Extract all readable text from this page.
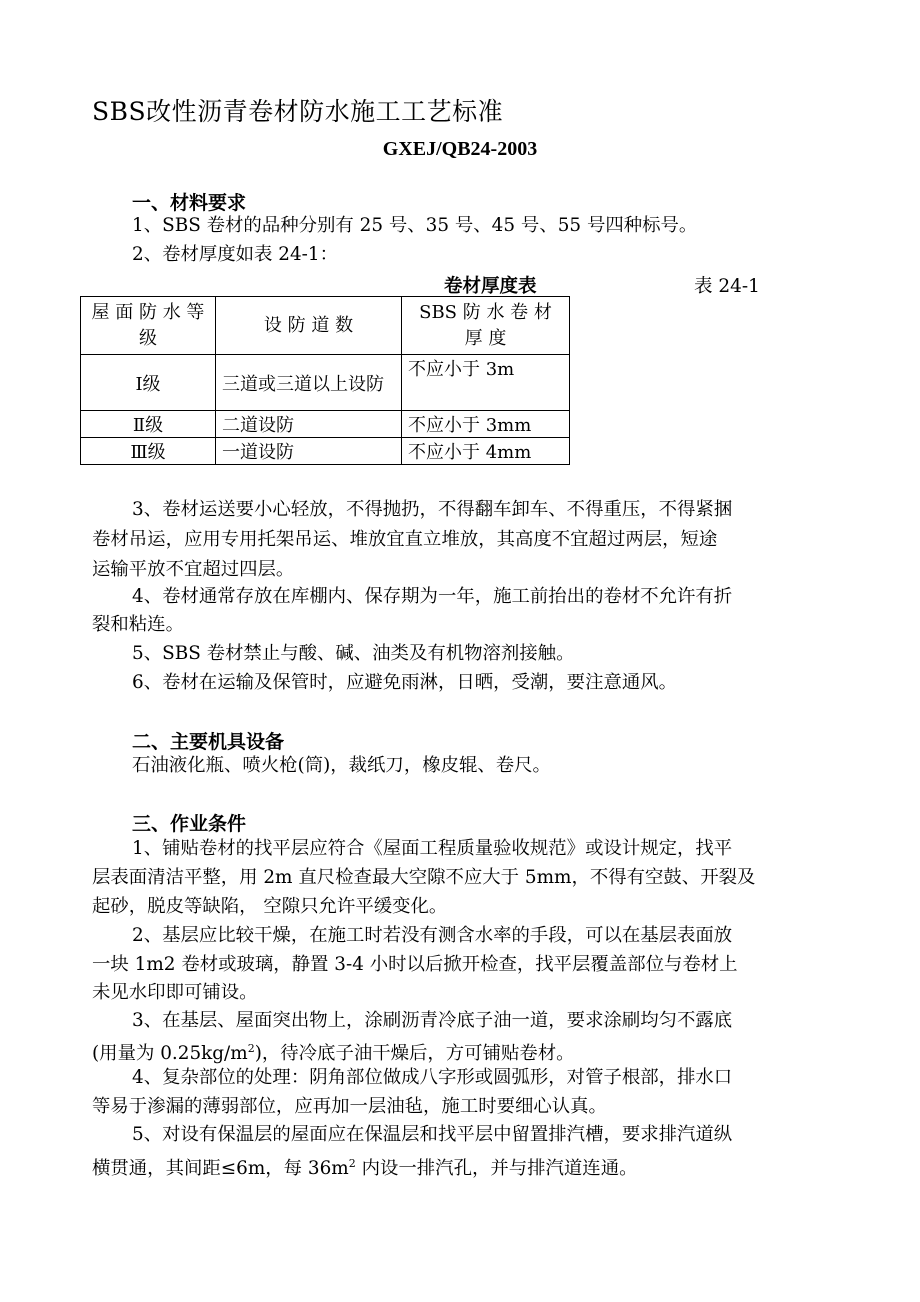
SBS改性沥青卷材防水施工工艺标准
GXEJ/QB24-2003
一、材料要求
1、SBS 卷材的品种分别有 25 号、35 号、45 号、55 号四种标号。
2、卷材厚度如表 24-1：
卷材厚度表	表 24-1
屋 面 防 水 等 级	设 防 道 数	SBS 防 水 卷 材 厚 度
Ⅰ级	三道或三道以上设防	不应小于 3m
Ⅱ级	二道设防	不应小于 3mm
Ⅲ级	一道设防	不应小于 4mm
3、卷材运送要小心轻放，不得抛扔，不得翻车卸车、不得重压，不得紧捆
卷材吊运，应用专用托架吊运、堆放宜直立堆放，其高度不宜超过两层，短途
运输平放不宜超过四层。
4、卷材通常存放在库棚内、保存期为一年，施工前抬出的卷材不允许有折
裂和粘连。
5、SBS 卷材禁止与酸、碱、油类及有机物溶剂接触。
6、卷材在运输及保管时，应避免雨淋，日晒，受潮，要注意通风。
二、主要机具设备
石油液化瓶、喷火枪(筒)，裁纸刀，橡皮辊、卷尺。
三、作业条件
1、铺贴卷材的找平层应符合《屋面工程质量验收规范》或设计规定，找平
层表面清洁平整，用 2m 直尺检查最大空隙不应大于 5mm，不得有空鼓、开裂及
起砂，脱皮等缺陷， 空隙只允许平缓变化。
2、基层应比较干燥，在施工时若没有测含水率的手段，可以在基层表面放
一块 1m2 卷材或玻璃，静置 3-4 小时以后掀开检查，找平层覆盖部位与卷材上
未见水印即可铺设。
3、在基层、屋面突出物上，涂刷沥青冷底子油一道，要求涂刷均匀不露底
(用量为 $0.25kg/m^2$)，待冷底子油干燥后，方可铺贴卷材。
4、复杂部位的处理：阴角部位做成八字形或圆弧形，对管子根部，排水口
等易于渗漏的薄弱部位，应再加一层油毡，施工时要细心认真。
5、对设有保温层的屋面应在保温层和找平层中留置排汽槽，要求排汽道纵
横贯通，其间距≤6m，每 $36m^2$ 内设一排汽孔，并与排汽道连通。
